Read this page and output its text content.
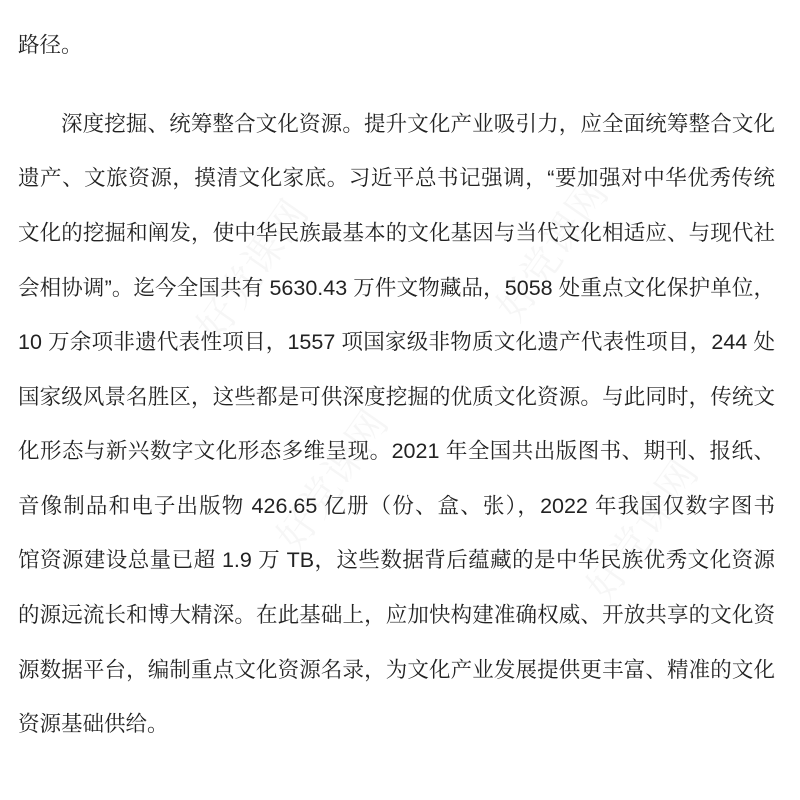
路径。
深度挖掘、统筹整合文化资源。提升文化产业吸引力，应全面统筹整合文化
遗产、文旅资源，摸清文化家底。习近平总书记强调，“要加强对中华优秀传统
文化的挖掘和阐发，使中华民族最基本的文化基因与当代文化相适应、与现代社
会相协调”。迄今全国共有 5630.43 万件文物藏品，5058 处重点文化保护单位，
10 万余项非遗代表性项目，1557 项国家级非物质文化遗产代表性项目，244 处
国家级风景名胜区，这些都是可供深度挖掘的优质文化资源。与此同时，传统文
化形态与新兴数字文化形态多维呈现。2021 年全国共出版图书、期刊、报纸、
音像制品和电子出版物 426.65 亿册（份、盒、张），2022 年我国仅数字图书
馆资源建设总量已超 1.9 万 TB，这些数据背后蕴藏的是中华民族优秀文化资源
的源远流长和博大精深。在此基础上，应加快构建准确权威、开放共享的文化资
源数据平台，编制重点文化资源名录，为文化产业发展提供更丰富、精准的文化
资源基础供给。
